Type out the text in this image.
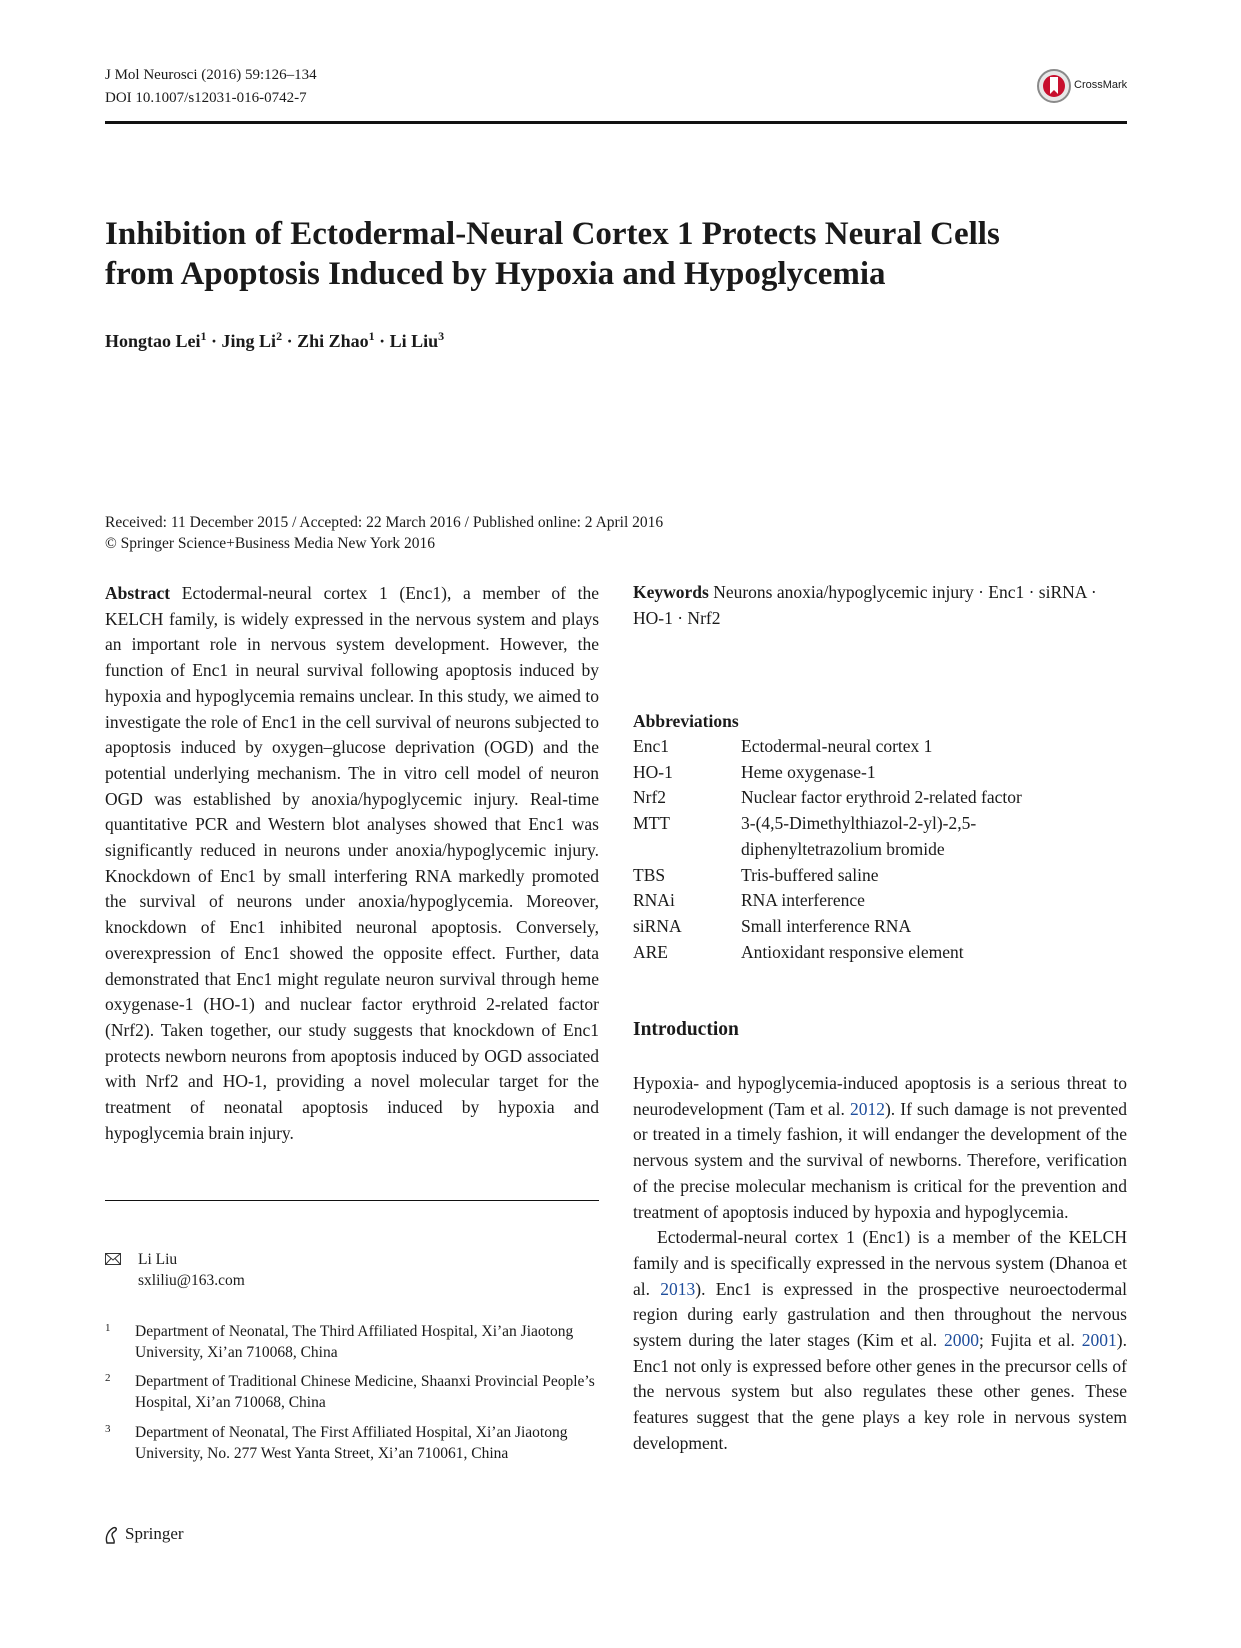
J Mol Neurosci (2016) 59:126–134
DOI 10.1007/s12031-016-0742-7
CrossMark
Inhibition of Ectodermal-Neural Cortex 1 Protects Neural Cells
from Apoptosis Induced by Hypoxia and Hypoglycemia
Hongtao Lei$^1$ · Jing $Li^2$ · Zhi Zhao$^1$ · Li Liu$^3$
Received: 11 December 2015 / Accepted: 22 March 2016 / Published online: 2 April 2016
© Springer Science+Business Media New York 2016
Abstract Ectodermal-neural cortex 1 (Enc1), a member of the KELCH family, is widely expressed in the nervous system and plays an important role in nervous system development. However, the function of Enc1 in neural survival following apoptosis induced by hypoxia and hypoglycemia remains unclear. In this study, we aimed to investigate the role of Enc1 in the cell survival of neurons subjected to apoptosis induced by oxygen–glucose deprivation (OGD) and the potential underlying mechanism. The in vitro cell model of neuron OGD was established by anoxia/hypoglycemic injury. Real-time quantitative PCR and Western blot analyses showed that Enc1 was significantly reduced in neurons under anoxia/hypoglycemic injury. Knockdown of Enc1 by small interfering RNA markedly promoted the survival of neurons under anoxia/hypoglycemia. Moreover, knockdown of Enc1 inhibited neuronal apoptosis. Conversely, overexpression of Enc1 showed the opposite effect. Further, data demonstrated that Enc1 might regulate neuron survival through heme oxygenase-1 (HO-1) and nuclear factor erythroid 2-related factor (Nrf2). Taken together, our study suggests that knockdown of Enc1 protects newborn neurons from apoptosis induced by OGD associated with Nrf2 and HO-1, providing a novel molecular target for the treatment of neonatal apoptosis induced by hypoxia and hypoglycemia brain injury.
Li Liu
sxliliu@163.com
1 Department of Neonatal, The Third Affiliated Hospital, Xi’an Jiaotong University, Xi’an 710068, China
2 Department of Traditional Chinese Medicine, Shaanxi Provincial People’s Hospital, Xi’an 710068, China
3 Department of Neonatal, The First Affiliated Hospital, Xi’an Jiaotong University, No. 277 West Yanta Street, Xi’an 710061, China
Keywords Neurons anoxia/hypoglycemic injury · Enc1 · siRNA · HO-1 · Nrf2
Abbreviations
Enc1	Ectodermal-neural cortex 1
HO-1	Heme oxygenase-1
Nrf2	Nuclear factor erythroid 2-related factor
MTT	3-(4,5-Dimethylthiazol-2-yl)-2,5-diphenyltetrazolium bromide
TBS	Tris-buffered saline
RNAi	RNA interference
siRNA	Small interference RNA
ARE	Antioxidant responsive element
Introduction

Hypoxia- and hypoglycemia-induced apoptosis is a serious threat to neurodevelopment (Tam et al. 2012). If such damage is not prevented or treated in a timely fashion, it will endanger the development of the nervous system and the survival of newborns. Therefore, verification of the precise molecular mechanism is critical for the prevention and treatment of apoptosis induced by hypoxia and hypoglycemia.

Ectodermal-neural cortex 1 (Enc1) is a member of the KELCH family and is specifically expressed in the nervous system (Dhanoa et al. 2013). Enc1 is expressed in the prospective neuroectodermal region during early gastrulation and then throughout the nervous system during the later stages (Kim et al. 2000; Fujita et al. 2001). Enc1 not only is expressed before other genes in the precursor cells of the nervous system but also regulates these other genes. These features suggest that the gene plays a key role in nervous system development.

Springer
